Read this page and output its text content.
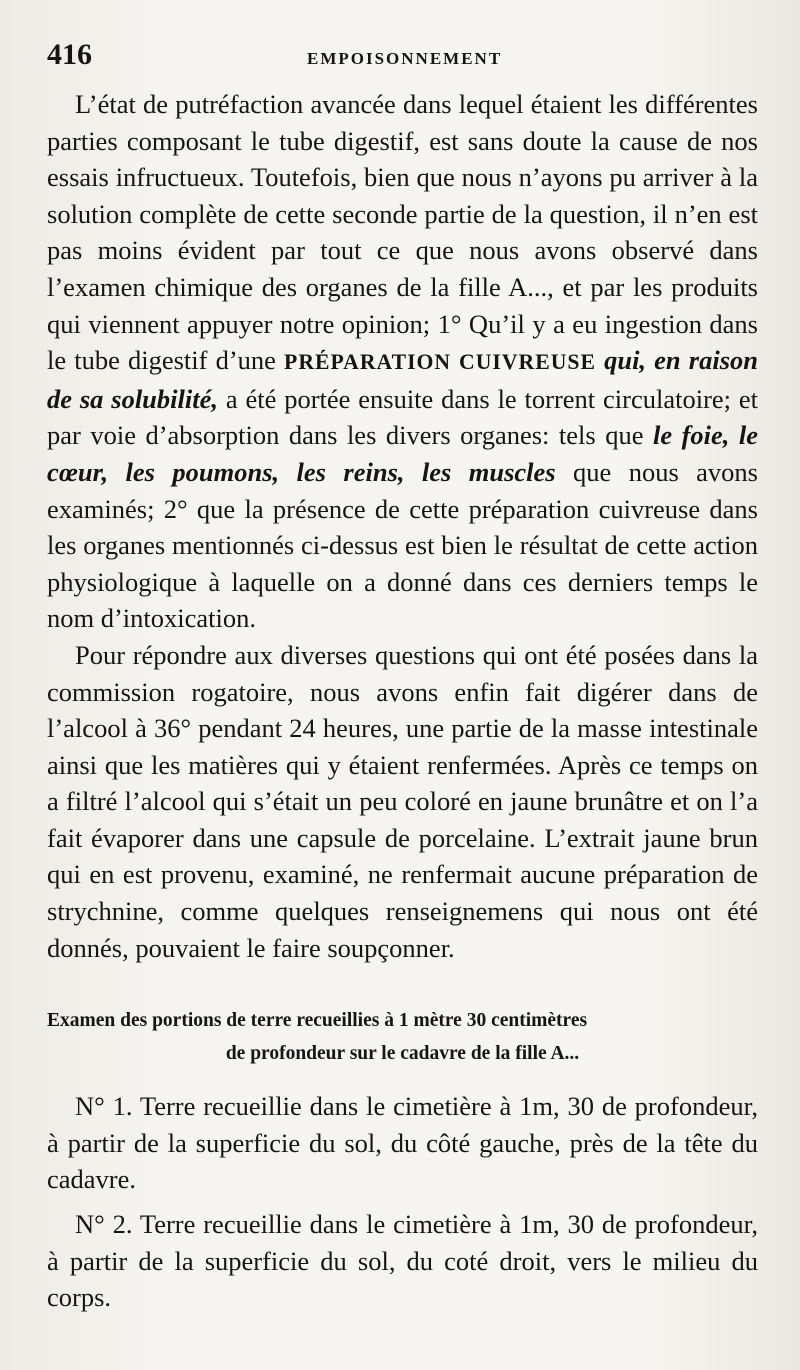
416	EMPOISONNEMENT

L’état de putréfaction avancée dans lequel étaient les différentes parties composant le tube digestif, est sans doute la cause de nos essais infructueux. Toutefois, bien que nous n’ayons pu arriver à la solution complète de cette seconde partie de la question, il n’en est pas moins évident par tout ce que nous avons observé dans l’examen chimique des organes de la fille A..., et par les produits qui viennent appuyer notre opinion; 1° Qu’il y a eu ingestion dans le tube digestif d’une PRÉPARATION CUIVREUSE qui, en raison de sa solubilité, a été portée ensuite dans le torrent circulatoire; et par voie d’absorption dans les divers organes: tels que le foie, le cœur, les poumons, les reins, les muscles que nous avons examinés; 2° que la présence de cette préparation cuivreuse dans les organes mentionnés ci-dessus est bien le résultat de cette action physiologique à laquelle on a donné dans ces derniers temps le nom d’intoxication.

Pour répondre aux diverses questions qui ont été posées dans la commission rogatoire, nous avons enfin fait digérer dans de l’alcool à 36° pendant 24 heures, une partie de la masse intestinale ainsi que les matières qui y étaient renfermées. Après ce temps on a filtré l’alcool qui s’était un peu coloré en jaune brunâtre et on l’a fait évaporer dans une capsule de porcelaine. L’extrait jaune brun qui en est provenu, examiné, ne renfermait aucune préparation de strychnine, comme quelques renseignemens qui nous ont été donnés, pouvaient le faire soupçonner.

Examen des portions de terre recueillies à 1 mètre 30 centimètres
de profondeur sur le cadavre de la fille A...

N° 1. Terre recueillie dans le cimetière à 1m, 30 de profondeur, à partir de la superficie du sol, du côté gauche, près de la tête du cadavre.

N° 2. Terre recueillie dans le cimetière à 1m, 30 de profondeur, à partir de la superficie du sol, du coté droit, vers le milieu du corps.
